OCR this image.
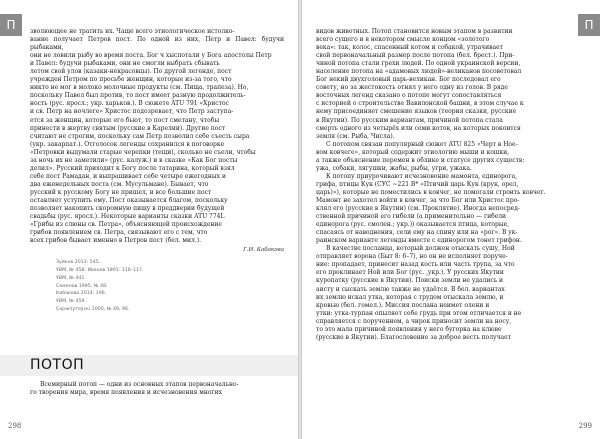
П	зволюющее не тратить их. Чаще всего этиологическое истолко-

вание получает Петров пост. По одной из них, Петр и Павел: будучи рыбаками,

они не ловили рыбу во время поста. Бог ч хыспотали у Бога апостолы Петр

и Павел: будучи рыбаками, они не смогли выбрать сбывать

летом свой улов (казаки-некрасовцы). По другой легенде, пост

учрежден Петром по просьбе женщин, которые из-за того, что

никто не мог в молоко молочные продукты (см. Пища, трапеза). Но,

поскольку Павел был против, то пост имеет разную продолжитель-

ность (рус. яросл.; укр. харьков.). В сюжете ATU 791 «Христос

и св. Петр на ночлеге» Христос подозревает, что Петр заступа-

ется за женщин, которые его бьют, то пост сметану, чтобы

принести в жертву святым (русские в Карелии). Другие пост

считают не строгим, поскольку сам Петр позволил себе съесть сыра

(укр. закарпат.). Отголосок легенды сохранился в поговорке

«Петровки выдумали старые черепки (тещи), сколько не съели, чтобы

за ночь их не заметили» (рус. калуж.) и в сказке «Как Бог посты

делил». Русский приходит к Богу после татарина, который взял

себе пост Рамадан, и выпрашивает себе четыре ежегодных и

два еженедельных поста (см. Мусульмане). Бывает, что

русский к русскому Богу не пришел, и все большие пост

оставляет уступить ему. Пост оказывается благом, поскольку

позволяет накопить скоромную пищу в преддверии будущей

свадьбы (рус. яросл.). Некоторые варианты сказки ATU 774L

«Грибы из слюны св. Петра», объясняющей происхождение

грибов появлением св. Петра, связывают его с тем, что

всех грибов бывает именно в Петров пост (бел. мил.).

Г.И. Кабакова
Зуйков 2012: 545.
УВМ, № 458; Иванов 1891: 116–117.
УВМ, № 441.
Семенов 1995, № 48.
Кабакова 2014: 196.
УВМ, № 459.
Сержпутоўскі 2000, № 49, 96.
ПОТОП

Всемирный потоп — одни из основных этапов первоначально-

го творения мира, время появления и исчезновения многих

298
П

видов животных. Потоп становится новым этапом в развитии

всего сущего и в некотором смысле концом «золотого

века»: так, колос, спасенный котом и собакой, утрачивает

свой первоначальный размер после потопа (бел. брест.). При-

чиной потопа стали грехи людей. По одной украинской версии,

население потопа на «адамовых людей»-великанов посоветовал

Бог некий двухголовый царь-великан. Бог последовал его

совету, но за жестокость отнял у него одну из голов. В ряде

восточных легенд сказано о потопе могут сопоставляться

с историей о строительстве Вавилонской башни, в этом случае к

нему присоединяет смешение языков (теория сказки, русские

в Якутии). По русским вариантам, причиной потопа стала

смерть одного из четырёх или семи котов, на которых покоится

земля (см. Рыба, Числа).

С потопом связан популярный сюжет ATU 825 «Черт в Ное-

вом ковчеге», который содержит этиологию мыши и кошки,

а также объяснение перемен в облике и статусе других существ:

ужа, собаки, лягушки, жабы, рыбы, угри, ужака.

К потопу приурочивают исчезновение мамонта, единорога,

грифа, птицы Кук (СУС ~221 B* «Птичий царь Кук (крук, орел,

царь)»), которые не поместились в ковчег, не помогали строить ковчег.

Мамонт не захотел войти в ковчег, за что Бог или Христос про-

клял его (русские в Якутии) (см. Проклятие). Иногда непосред-

ственной причиной его гибели (а применительно — гибели

единорога (рус. смолен.; укр.)) оказывается птица, которые,

спасаясь от наводнения, сели ему на спину или на «рог». В ук-

раинском варианте легенды вместе с единорогом тонет грифон.

В качестве посланца, который должен отыскать сушу, Ной

отправляет ворона (Быт 8: 6–7), но он не исполняет поруче-

ние: пропадает, принесит назад кость или часть трупа, за что

его проклинает Ной или Бог (рус. ,укр.). У русских Якутии

куропатку (русские в Якутии). Поиски земли не удались и

аисту и сыскать землю также не удаётся. В бел. вариантах

их землю искал утка, которая с трудом отыскала землю, и

кровью (бел. гомел.). Миссия послана неимет олени и

утки: утка-турпан опыляет себе грудь при этом отличается и не

справляется с поручением, а чирок приносит земли на носу,

то это мала причиной появления у него бугорка на клюве

(русские в Якутии). Благословение за доброе весть получает

299
